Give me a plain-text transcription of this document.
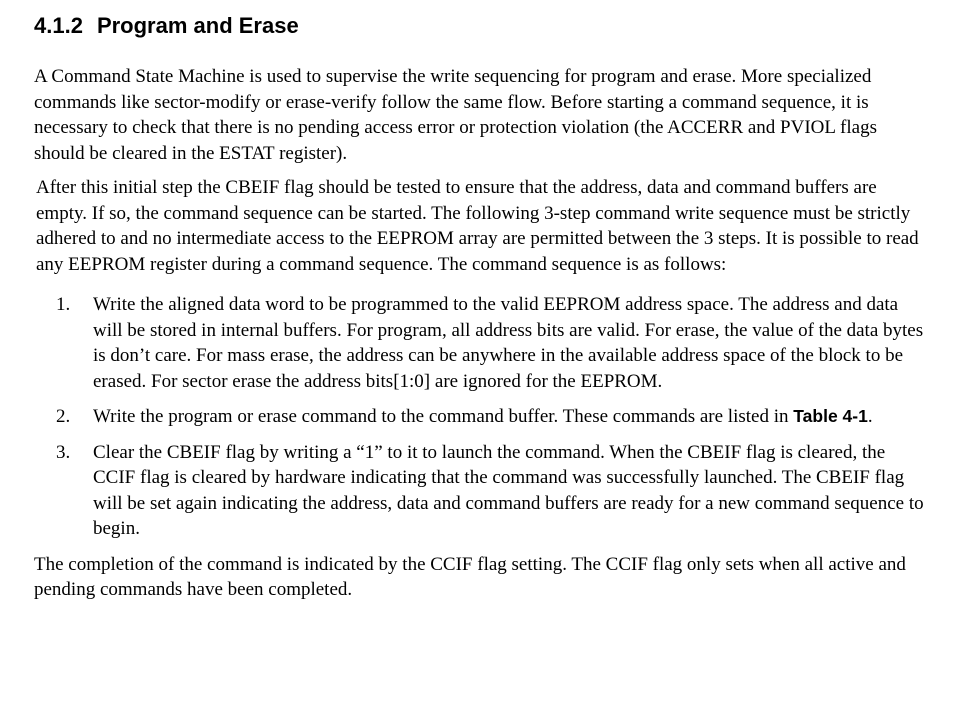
4.1.2 Program and Erase

A Command State Machine is used to supervise the write sequencing for program and erase. More specialized commands like sector-modify or erase-verify follow the same flow. Before starting a command sequence, it is necessary to check that there is no pending access error or protection violation (the ACCERR and PVIOL flags should be cleared in the ESTAT register).

After this initial step the CBEIF flag should be tested to ensure that the address, data and command buffers are empty. If so, the command sequence can be started. The following 3-step command write sequence must be strictly adhered to and no intermediate access to the EEPROM array are permitted between the 3 steps. It is possible to read any EEPROM register during a command sequence. The command sequence is as follows:

1. Write the aligned data word to be programmed to the valid EEPROM address space. The address and data will be stored in internal buffers. For program, all address bits are valid. For erase, the value of the data bytes is don’t care. For mass erase, the address can be anywhere in the available address space of the block to be erased. For sector erase the address bits[1:0] are ignored for the EEPROM.
2. Write the program or erase command to the command buffer. These commands are listed in Table 4-1.
3. Clear the CBEIF flag by writing a “1” to it to launch the command. When the CBEIF flag is cleared, the CCIF flag is cleared by hardware indicating that the command was successfully launched. The CBEIF flag will be set again indicating the address, data and command buffers are ready for a new command sequence to begin.

The completion of the command is indicated by the CCIF flag setting. The CCIF flag only sets when all active and pending commands have been completed.
